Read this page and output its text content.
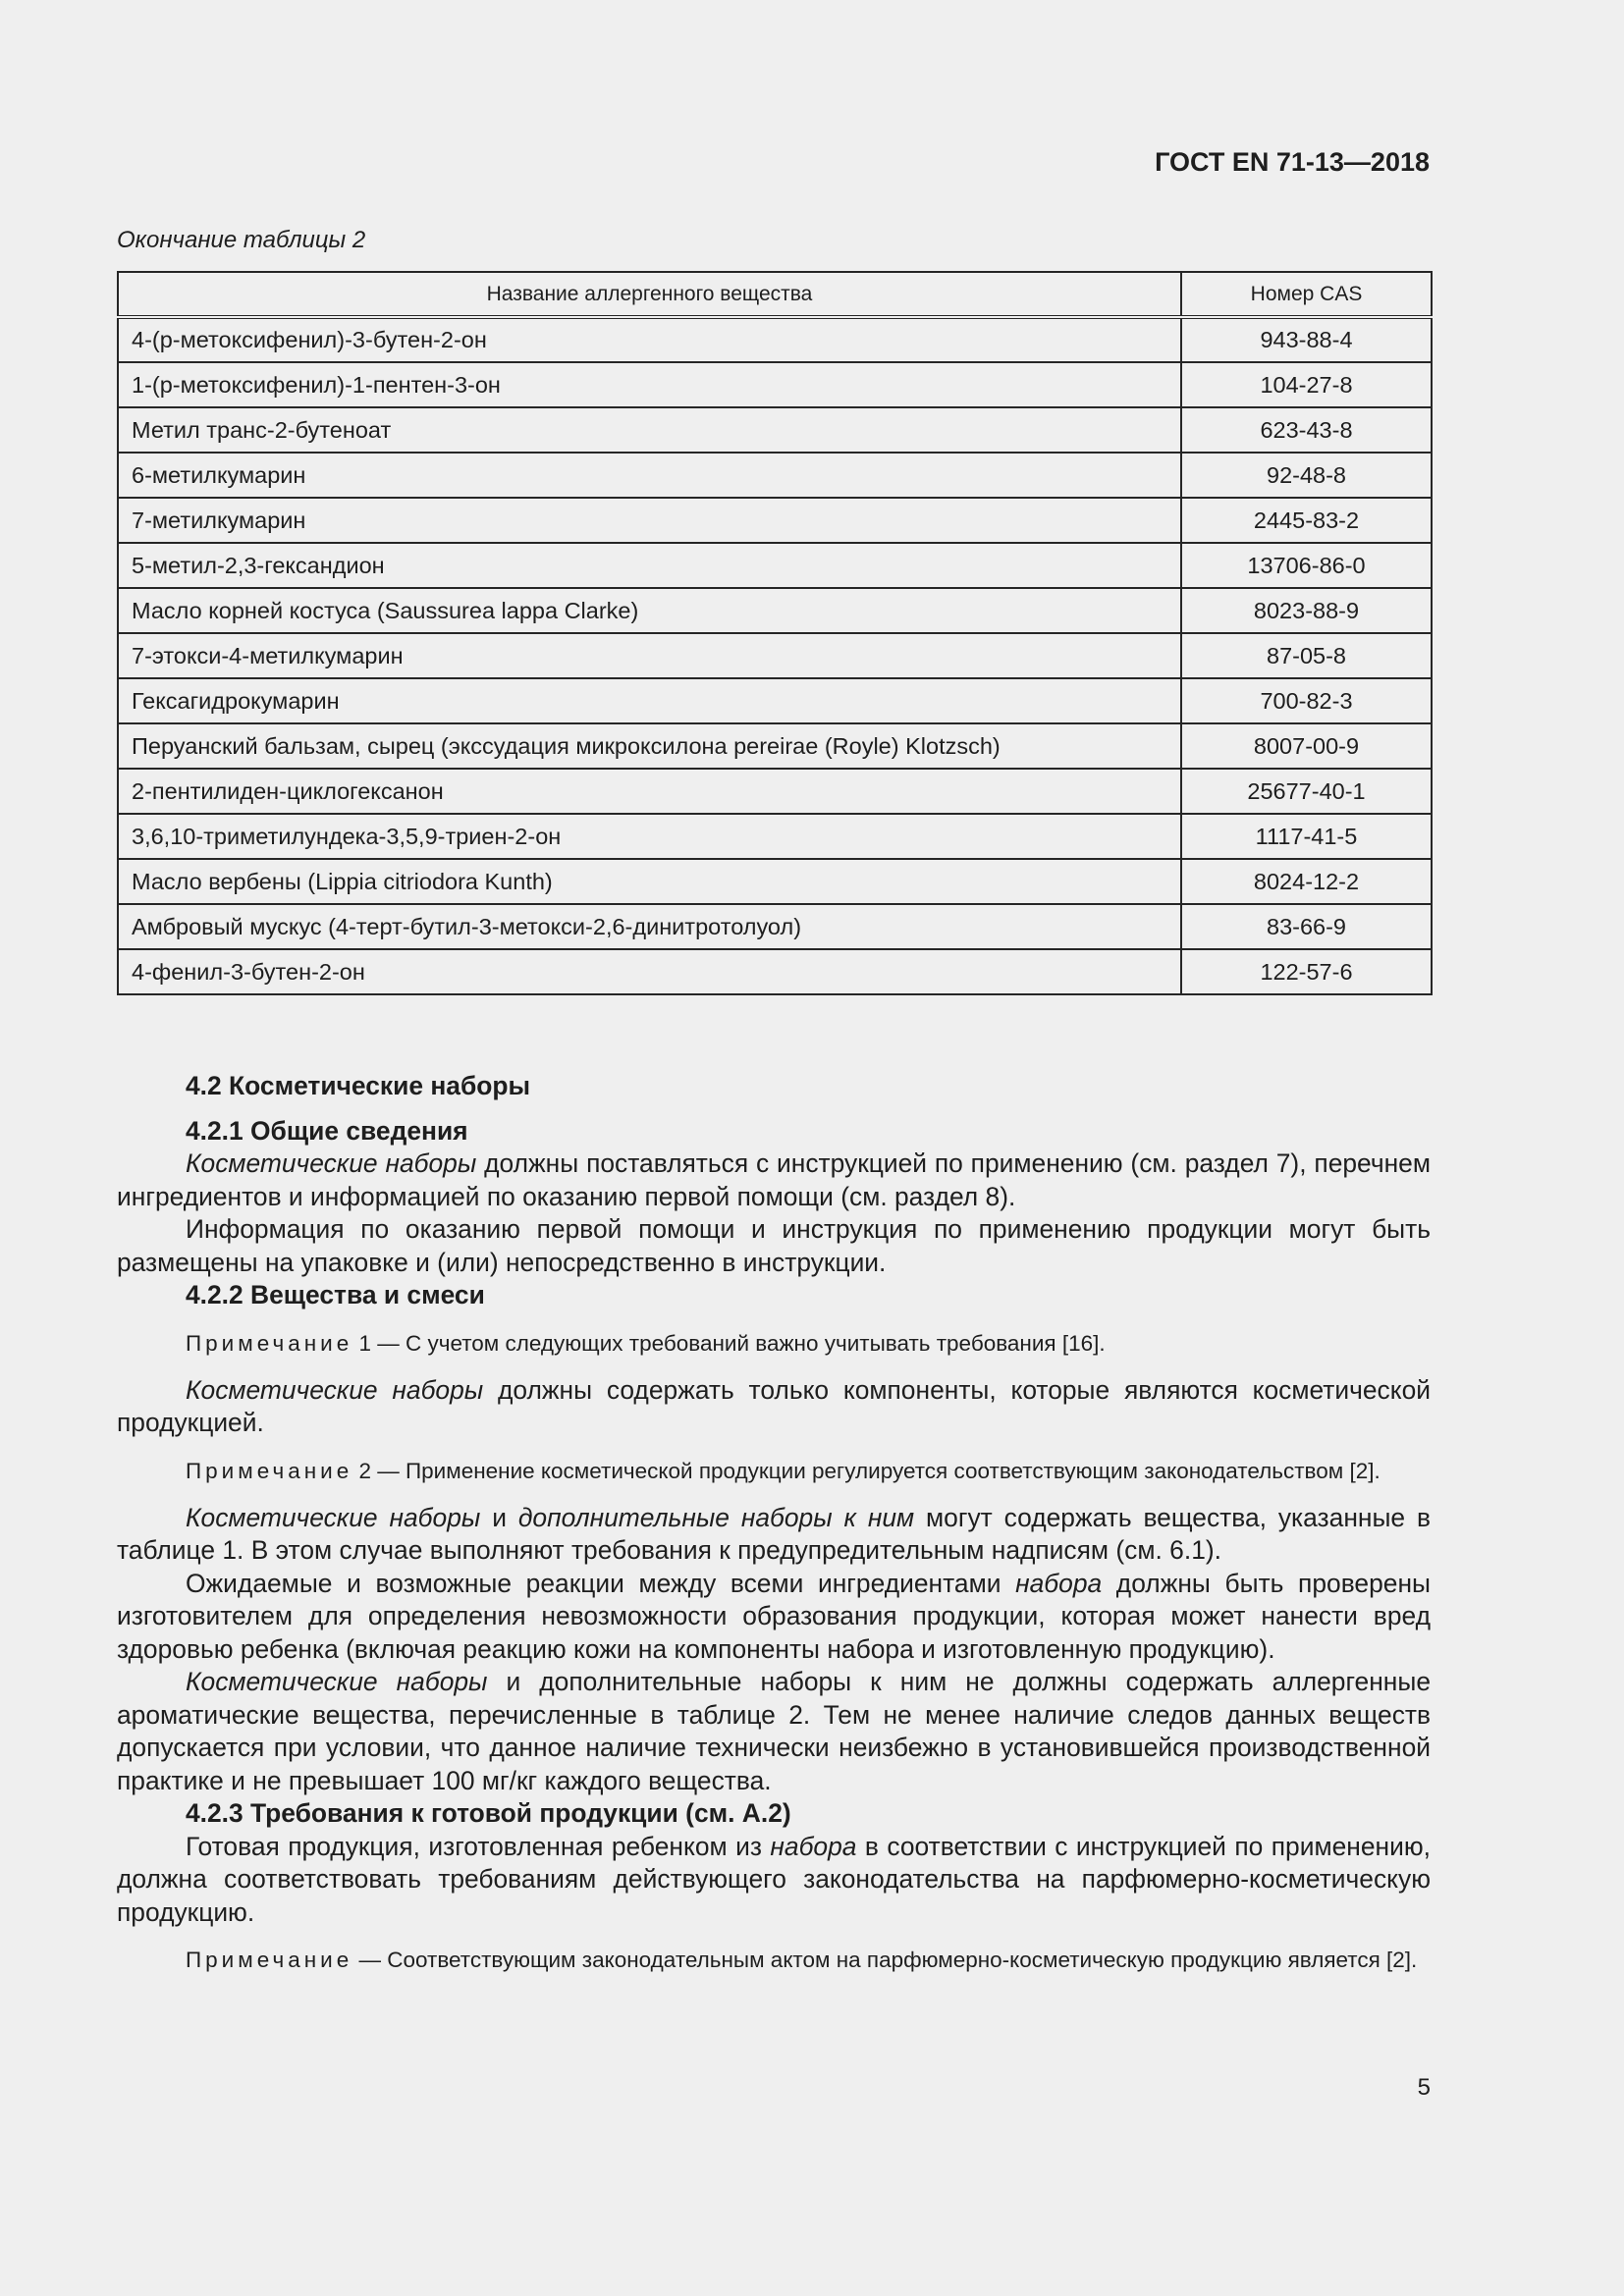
ГОСТ EN 71-13—2018
Окончание таблицы 2
Название аллергенного вещества	Номер CAS
4-(р-метоксифенил)-3-бутен-2-он	943-88-4
1-(р-метоксифенил)-1-пентен-3-он	104-27-8
Метил транс-2-бутеноат	623-43-8
6-метилкумарин	92-48-8
7-метилкумарин	2445-83-2
5-метил-2,3-гександион	13706-86-0
Масло корней костуса (Saussurea lappa Clarke)	8023-88-9
7-этокси-4-метилкумарин	87-05-8
Гексагидрокумарин	700-82-3
Перуанский бальзам, сырец (экссудация микроксилона pereirae (Royle) Klotzsch)	8007-00-9
2-пентилиден-циклогексанон	25677-40-1
3,6,10-триметилундека-3,5,9-триен-2-он	1117-41-5
Масло вербены (Lippia citriodora Kunth)	8024-12-2
Амбровый мускус (4-терт-бутил-3-метокси-2,6-динитротолуол)	83-66-9
4-фенил-3-бутен-2-он	122-57-6

4.2 Косметические наборы

4.2.1 Общие сведения

Косметические наборы должны поставляться с инструкцией по применению (см. раздел 7), перечнем ингредиентов и информацией по оказанию первой помощи (см. раздел 8).

Информация по оказанию первой помощи и инструкция по применению продукции могут быть размещены на упаковке и (или) непосредственно в инструкции.

4.2.2 Вещества и смеси

Примечание 1 — С учетом следующих требований важно учитывать требования [16].

Косметические наборы должны содержать только компоненты, которые являются косметической продукцией.

Примечание 2 — Применение косметической продукции регулируется соответствующим законодательством [2].

Косметические наборы и дополнительные наборы к ним могут содержать вещества, указанные в таблице 1. В этом случае выполняют требования к предупредительным надписям (см. 6.1).

Ожидаемые и возможные реакции между всеми ингредиентами набора должны быть проверены изготовителем для определения невозможности образования продукции, которая может нанести вред здоровью ребенка (включая реакцию кожи на компоненты набора и изготовленную продукцию).

Косметические наборы и дополнительные наборы к ним не должны содержать аллергенные ароматические вещества, перечисленные в таблице 2. Тем не менее наличие следов данных веществ допускается при условии, что данное наличие технически неизбежно в установившейся производственной практике и не превышает 100 мг/кг каждого вещества.

4.2.3 Требования к готовой продукции (см. А.2)

Готовая продукция, изготовленная ребенком из набора в соответствии с инструкцией по применению, должна соответствовать требованиям действующего законодательства на парфюмерно-косметическую продукцию.

Примечание — Соответствующим законодательным актом на парфюмерно-косметическую продукцию является [2].

5
